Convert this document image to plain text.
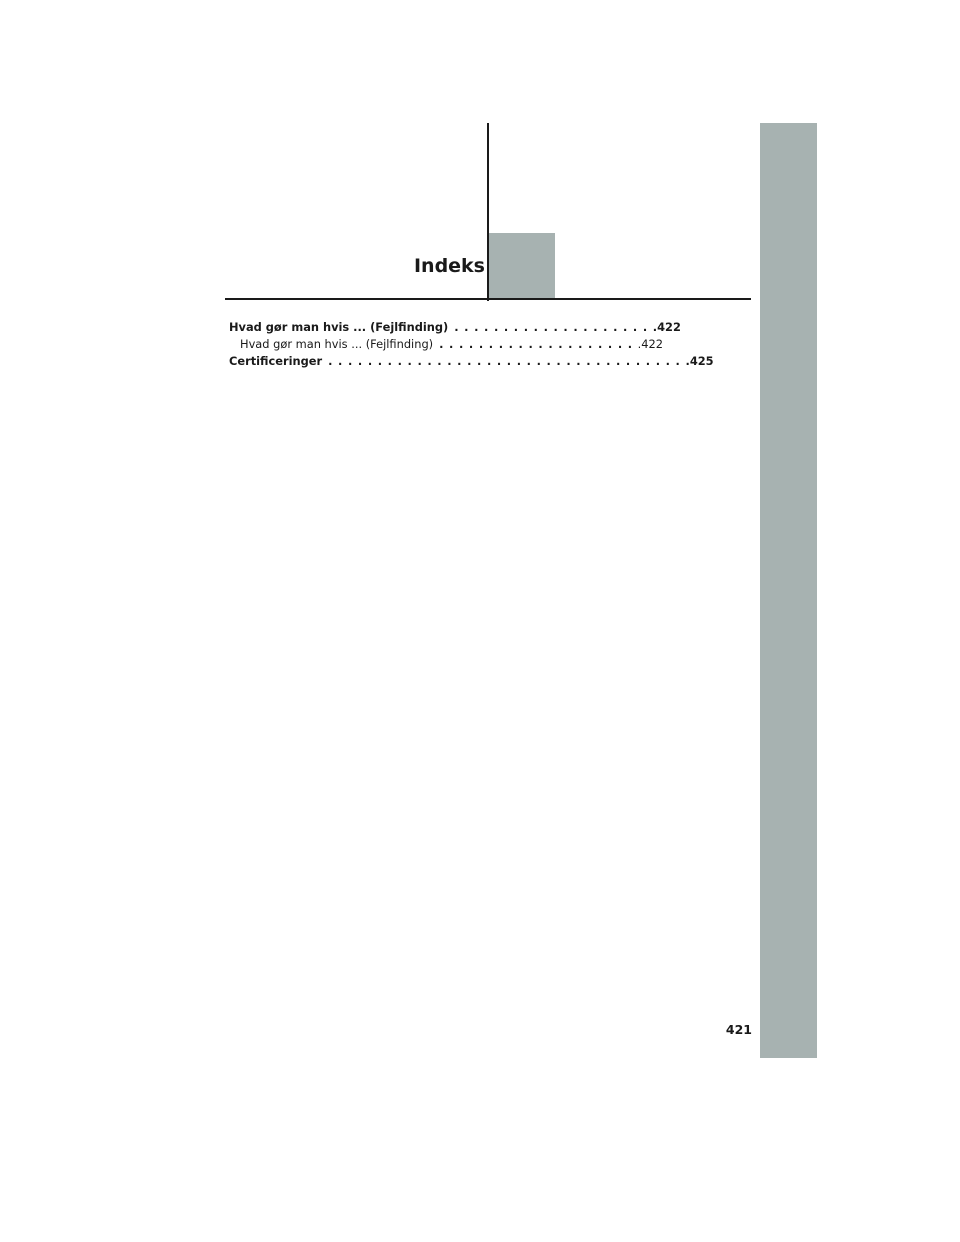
Indeks
Hvad gør man hvis ... (Fejlfinding) .................... .422
Hvad gør man hvis ... (Fejlfinding) .................... .422
Certificeringer .................................... .425
421
